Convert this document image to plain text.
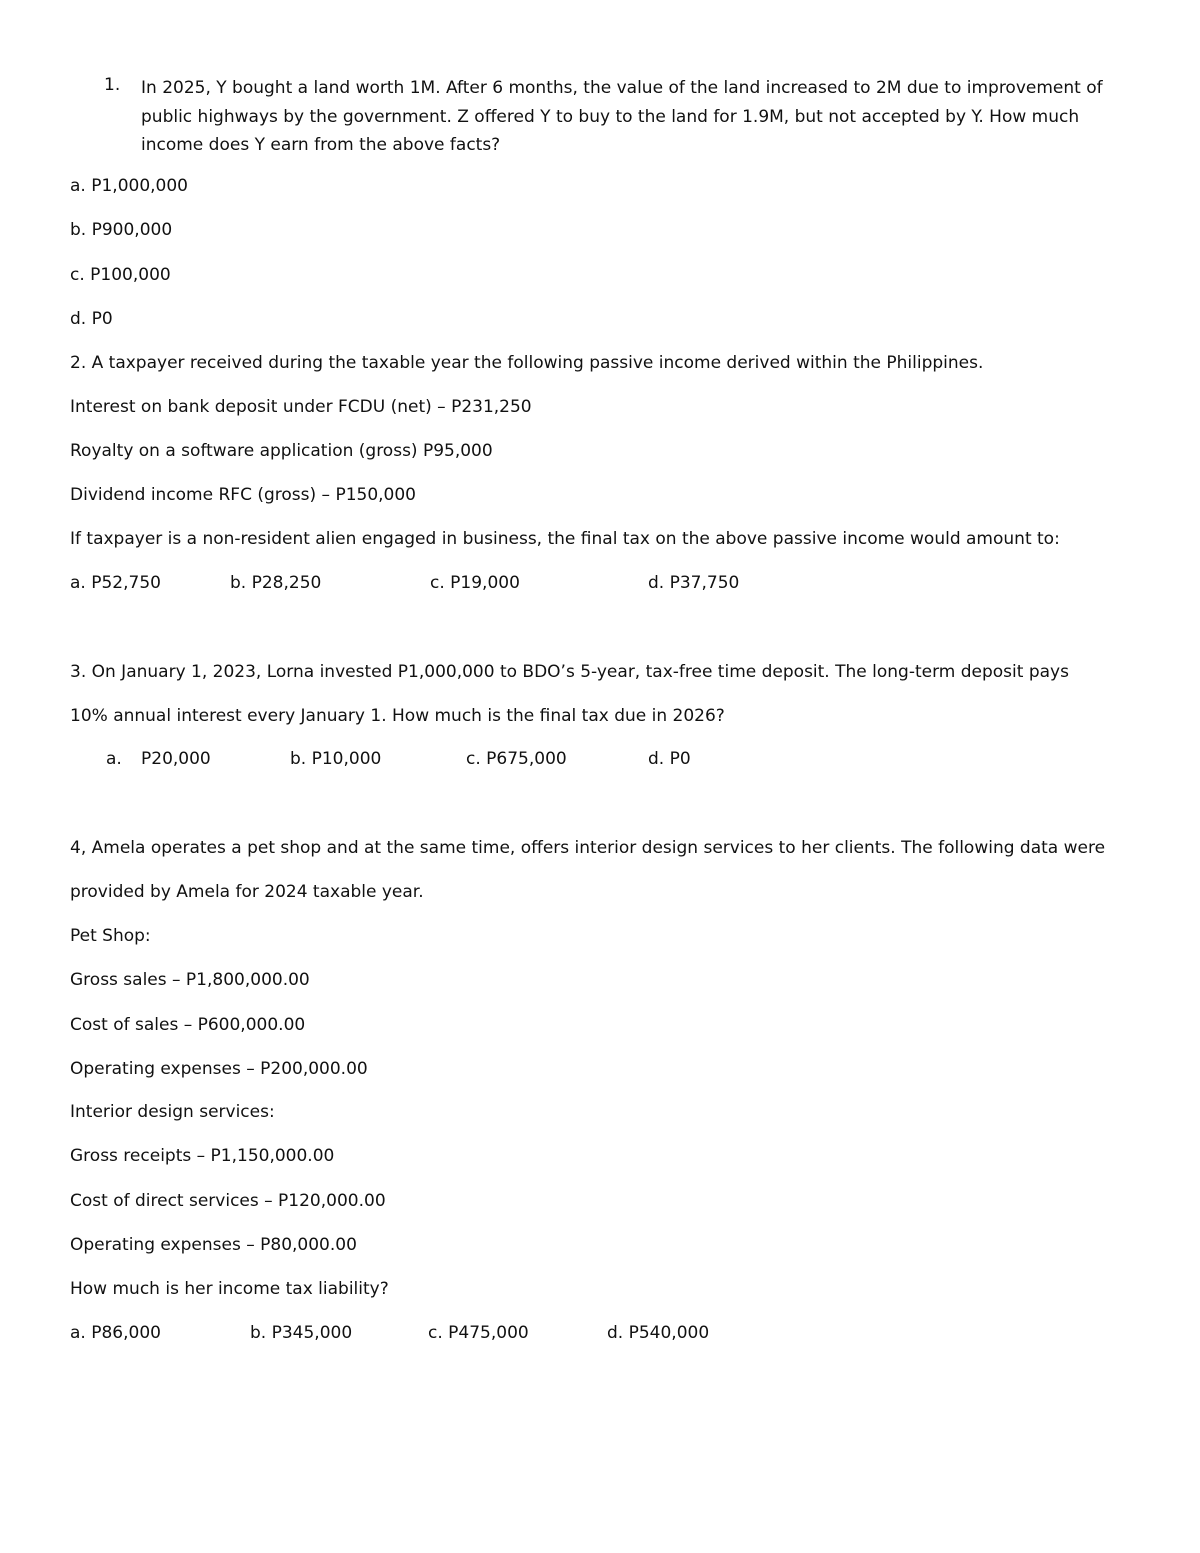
1. In 2025, Y bought a land worth 1M. After 6 months, the value of the land increased to 2M due to improvement of public highways by the government. Z offered Y to buy to the land for 1.9M, but not accepted by Y. How much income does Y earn from the above facts?
a. P1,000,000
b. P900,000
c. P100,000
d. P0
2. A taxpayer received during the taxable year the following passive income derived within the Philippines.
Interest on bank deposit under FCDU (net) – P231,250
Royalty on a software application (gross) P95,000
Dividend income RFC (gross) – P150,000
If taxpayer is a non-resident alien engaged in business, the final tax on the above passive income would amount to:
a. P52,750	b. P28,250	c. P19,000	d. P37,750
3. On January 1, 2023, Lorna invested P1,000,000 to BDO’s 5-year, tax-free time deposit. The long-term deposit pays
10% annual interest every January 1. How much is the final tax due in 2026?
a. P20,000	b. P10,000	c. P675,000	d. P0
4, Amela operates a pet shop and at the same time, offers interior design services to her clients. The following data were
provided by Amela for 2024 taxable year.
Pet Shop:
Gross sales – P1,800,000.00
Cost of sales – P600,000.00
Operating expenses – P200,000.00
Interior design services:
Gross receipts – P1,150,000.00
Cost of direct services – P120,000.00
Operating expenses – P80,000.00
How much is her income tax liability?
a. P86,000	b. P345,000	c. P475,000	d. P540,000
